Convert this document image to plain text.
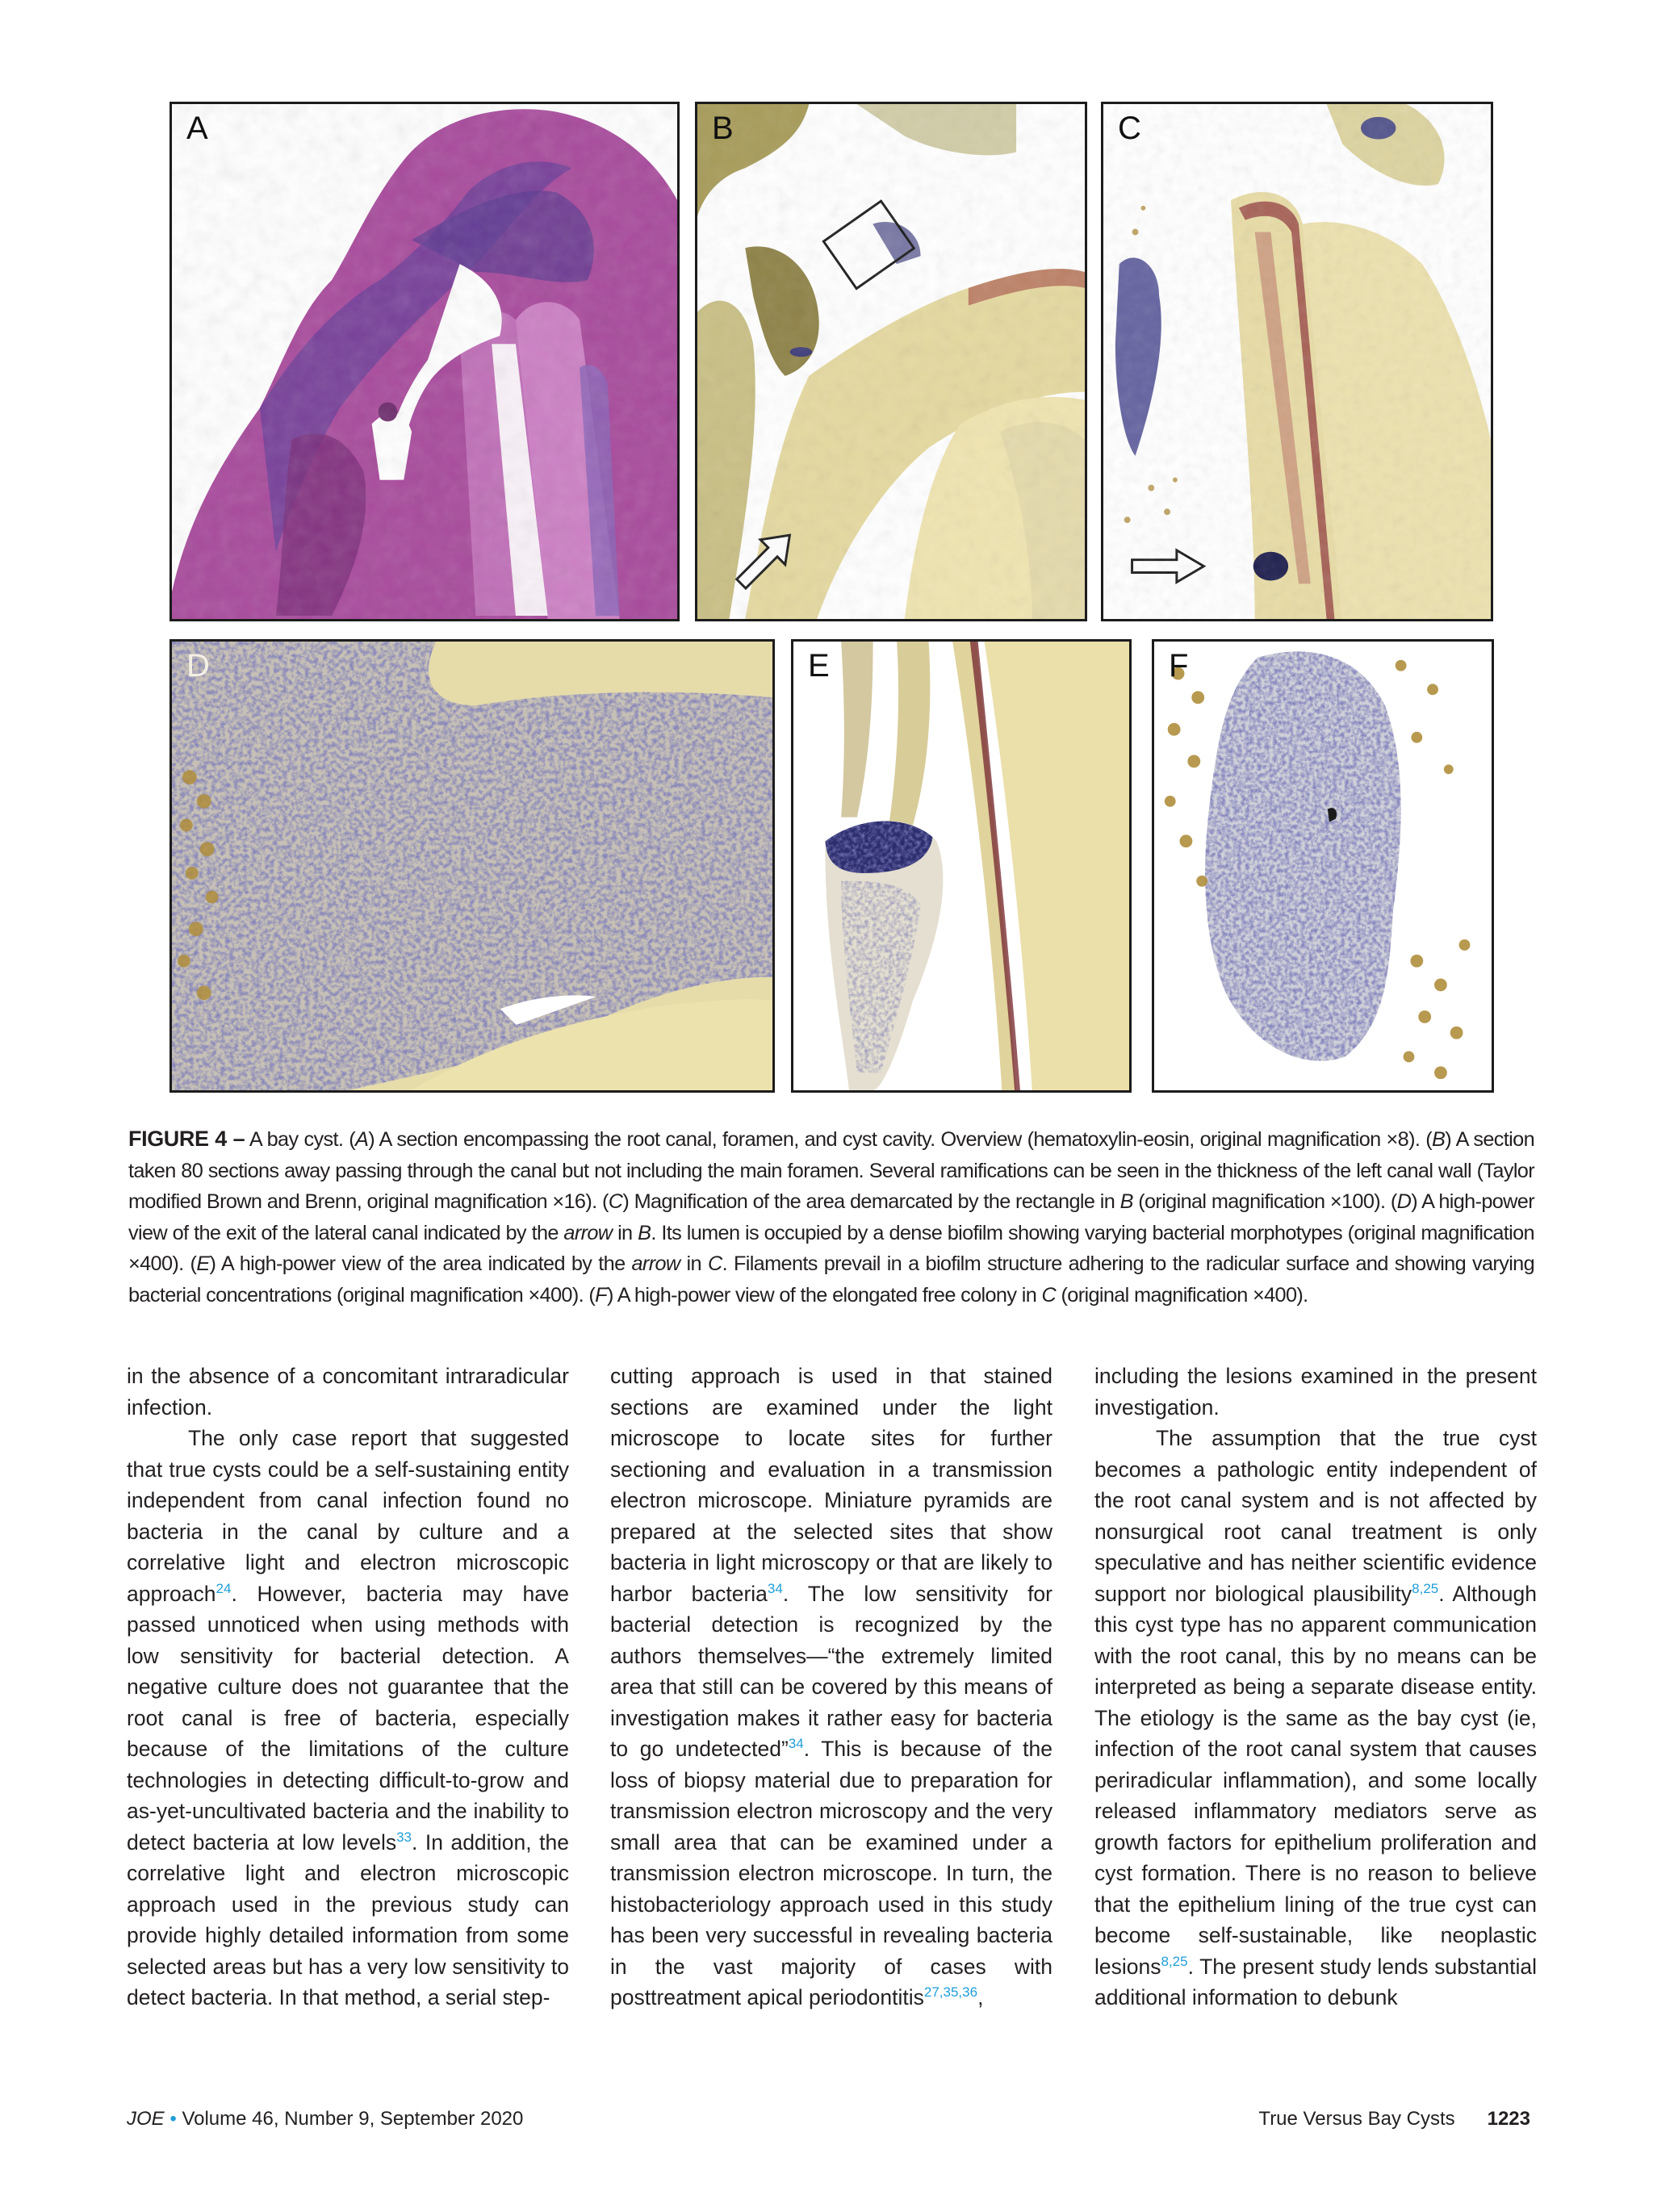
A	B	C
D	E	F
FIGURE 4 – A bay cyst. (A) A section encompassing the root canal, foramen, and cyst cavity. Overview (hematoxylin-eosin, original magnification ×8). (B) A section taken 80 sections away passing through the canal but not including the main foramen. Several ramifications can be seen in the thickness of the left canal wall (Taylor modified Brown and Brenn, original magnification ×16). (C) Magnification of the area demarcated by the rectangle in B (original magnification ×100). (D) A high-power view of the exit of the lateral canal indicated by the arrow in B. Its lumen is occupied by a dense biofilm showing varying bacterial morphotypes (original magnification ×400). (E) A high-power view of the area indicated by the arrow in C. Filaments prevail in a biofilm structure adhering to the radicular surface and showing varying bacterial concentrations (original magnification ×400). (F) A high-power view of the elongated free colony in C (original magnification ×400).

in the absence of a concomitant intraradicular infection.

The only case report that suggested that true cysts could be a self-sustaining entity independent from canal infection found no bacteria in the canal by culture and a correlative light and electron microscopic approach$^{24}$. However, bacteria may have passed unnoticed when using methods with low sensitivity for bacterial detection. A negative culture does not guarantee that the root canal is free of bacteria, especially because of the limitations of the culture technologies in detecting difficult-to-grow and as-yet-uncultivated bacteria and the inability to detect bacteria at low levels$^{33}$. In addition, the correlative light and electron microscopic approach used in the previous study can provide highly detailed information from some selected areas but has a very low sensitivity to detect bacteria. In that method, a serial step-

cutting approach is used in that stained sections are examined under the light microscope to locate sites for further sectioning and evaluation in a transmission electron microscope. Miniature pyramids are prepared at the selected sites that show bacteria in light microscopy or that are likely to harbor bacteria$^{34}$. The low sensitivity for bacterial detection is recognized by the authors themselves—“the extremely limited area that still can be covered by this means of investigation makes it rather easy for bacteria to go undetected”$^{34}$. This is because of the loss of biopsy material due to preparation for transmission electron microscopy and the very small area that can be examined under a transmission electron microscope. In turn, the histobacteriology approach used in this study has been very successful in revealing bacteria in the vast majority of cases with posttreatment apical periodontitis$^{27,35,36}$,

including the lesions examined in the present investigation.

The assumption that the true cyst becomes a pathologic entity independent of the root canal system and is not affected by nonsurgical root canal treatment is only speculative and has neither scientific evidence support nor biological plausibility$^{8,25}$. Although this cyst type has no apparent communication with the root canal, this by no means can be interpreted as being a separate disease entity. The etiology is the same as the bay cyst (ie, infection of the root canal system that causes periradicular inflammation), and some locally released inflammatory mediators serve as growth factors for epithelium proliferation and cyst formation. There is no reason to believe that the epithelium lining of the true cyst can become self-sustainable, like neoplastic lesions$^{8,25}$. The present study lends substantial additional information to debunk

JOE • Volume 46, Number 9, September 2020	True Versus Bay Cysts 1223
